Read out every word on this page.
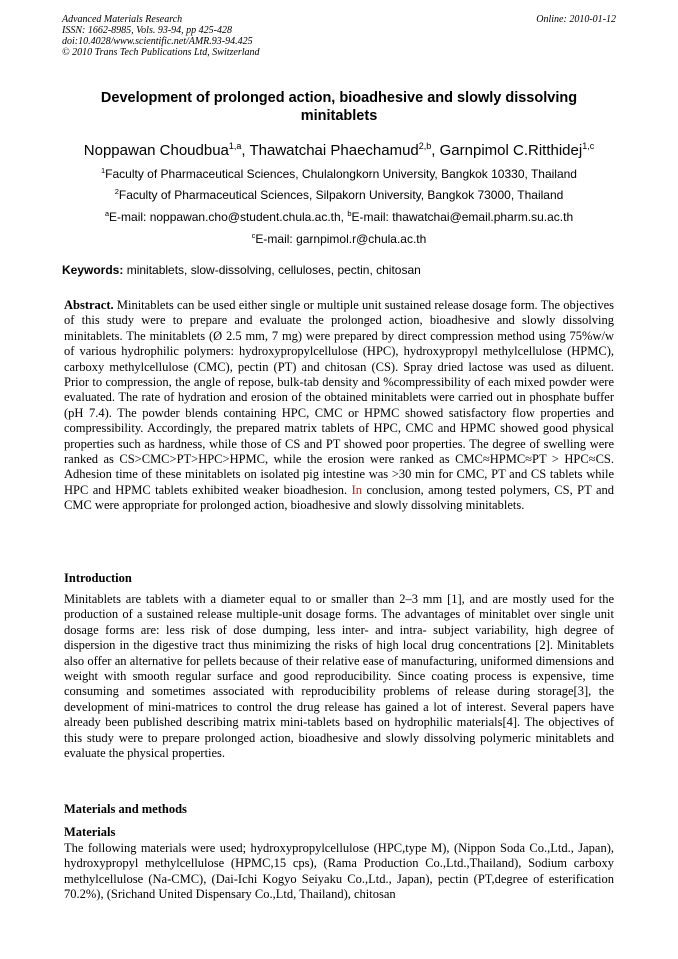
Advanced Materials Research
ISSN: 1662-8985, Vols. 93-94, pp 425-428
doi:10.4028/www.scientific.net/AMR.93-94.425
© 2010 Trans Tech Publications Ltd, Switzerland
Online: 2010-01-12
Development of prolonged action, bioadhesive and slowly dissolving minitablets
Noppawan Choudbua$^{1,a}$, Thawatchai Phaechamud$^{2,b}$, Garnpimol C.Ritthidej$^{1,c}$
$^1$Faculty of Pharmaceutical Sciences, Chulalongkorn University, Bangkok 10330, Thailand
$^2$Faculty of Pharmaceutical Sciences, Silpakorn University, Bangkok 73000, Thailand
$^a$E-mail: noppawan.cho@student.chula.ac.th, $^b$E-mail: thawatchai@email.pharm.su.ac.th
$^c$E-mail: garnpimol.r@chula.ac.th
Keywords: minitablets, slow-dissolving, celluloses, pectin, chitosan
Abstract. Minitablets can be used either single or multiple unit sustained release dosage form. The objectives of this study were to prepare and evaluate the prolonged action, bioadhesive and slowly dissolving minitablets. The minitablets (Ø 2.5 mm, 7 mg) were prepared by direct compression method using 75%w/w of various hydrophilic polymers: hydroxypropylcellulose (HPC), hydroxypropyl methylcellulose (HPMC), carboxy methylcellulose (CMC), pectin (PT) and chitosan (CS). Spray dried lactose was used as diluent. Prior to compression, the angle of repose, bulk-tab density and %compressibility of each mixed powder were evaluated. The rate of hydration and erosion of the obtained minitablets were carried out in phosphate buffer (pH 7.4). The powder blends containing HPC, CMC or HPMC showed satisfactory flow properties and compressibility. Accordingly, the prepared matrix tablets of HPC, CMC and HPMC showed good physical properties such as hardness, while those of CS and PT showed poor properties. The degree of swelling were ranked as CS>CMC>PT>HPC>HPMC, while the erosion were ranked as CMC≈HPMC≈PT > HPC≈CS. Adhesion time of these minitablets on isolated pig intestine was >30 min for CMC, PT and CS tablets while HPC and HPMC tablets exhibited weaker bioadhesion. In conclusion, among tested polymers, CS, PT and CMC were appropriate for prolonged action, bioadhesive and slowly dissolving minitablets.
Introduction
Minitablets are tablets with a diameter equal to or smaller than 2–3 mm [1], and are mostly used for the production of a sustained release multiple-unit dosage forms. The advantages of minitablet over single unit dosage forms are: less risk of dose dumping, less inter- and intra- subject variability, high degree of dispersion in the digestive tract thus minimizing the risks of high local drug concentrations [2]. Minitablets also offer an alternative for pellets because of their relative ease of manufacturing, uniformed dimensions and weight with smooth regular surface and good reproducibility. Since coating process is expensive, time consuming and sometimes associated with reproducibility problems of release during storage[3], the development of mini-matrices to control the drug release has gained a lot of interest. Several papers have already been published describing matrix mini-tablets based on hydrophilic materials[4]. The objectives of this study were to prepare prolonged action, bioadhesive and slowly dissolving polymeric minitablets and evaluate the physical properties.
Materials and methods
Materials
The following materials were used; hydroxypropylcellulose (HPC,type M), (Nippon Soda Co.,Ltd., Japan), hydroxypropyl methylcellulose (HPMC,15 cps), (Rama Production Co.,Ltd.,Thailand), Sodium carboxy methylcellulose (Na-CMC), (Dai-Ichi Kogyo Seiyaku Co.,Ltd., Japan), pectin (PT,degree of esterification 70.2%), (Srichand United Dispensary Co.,Ltd, Thailand), chitosan
